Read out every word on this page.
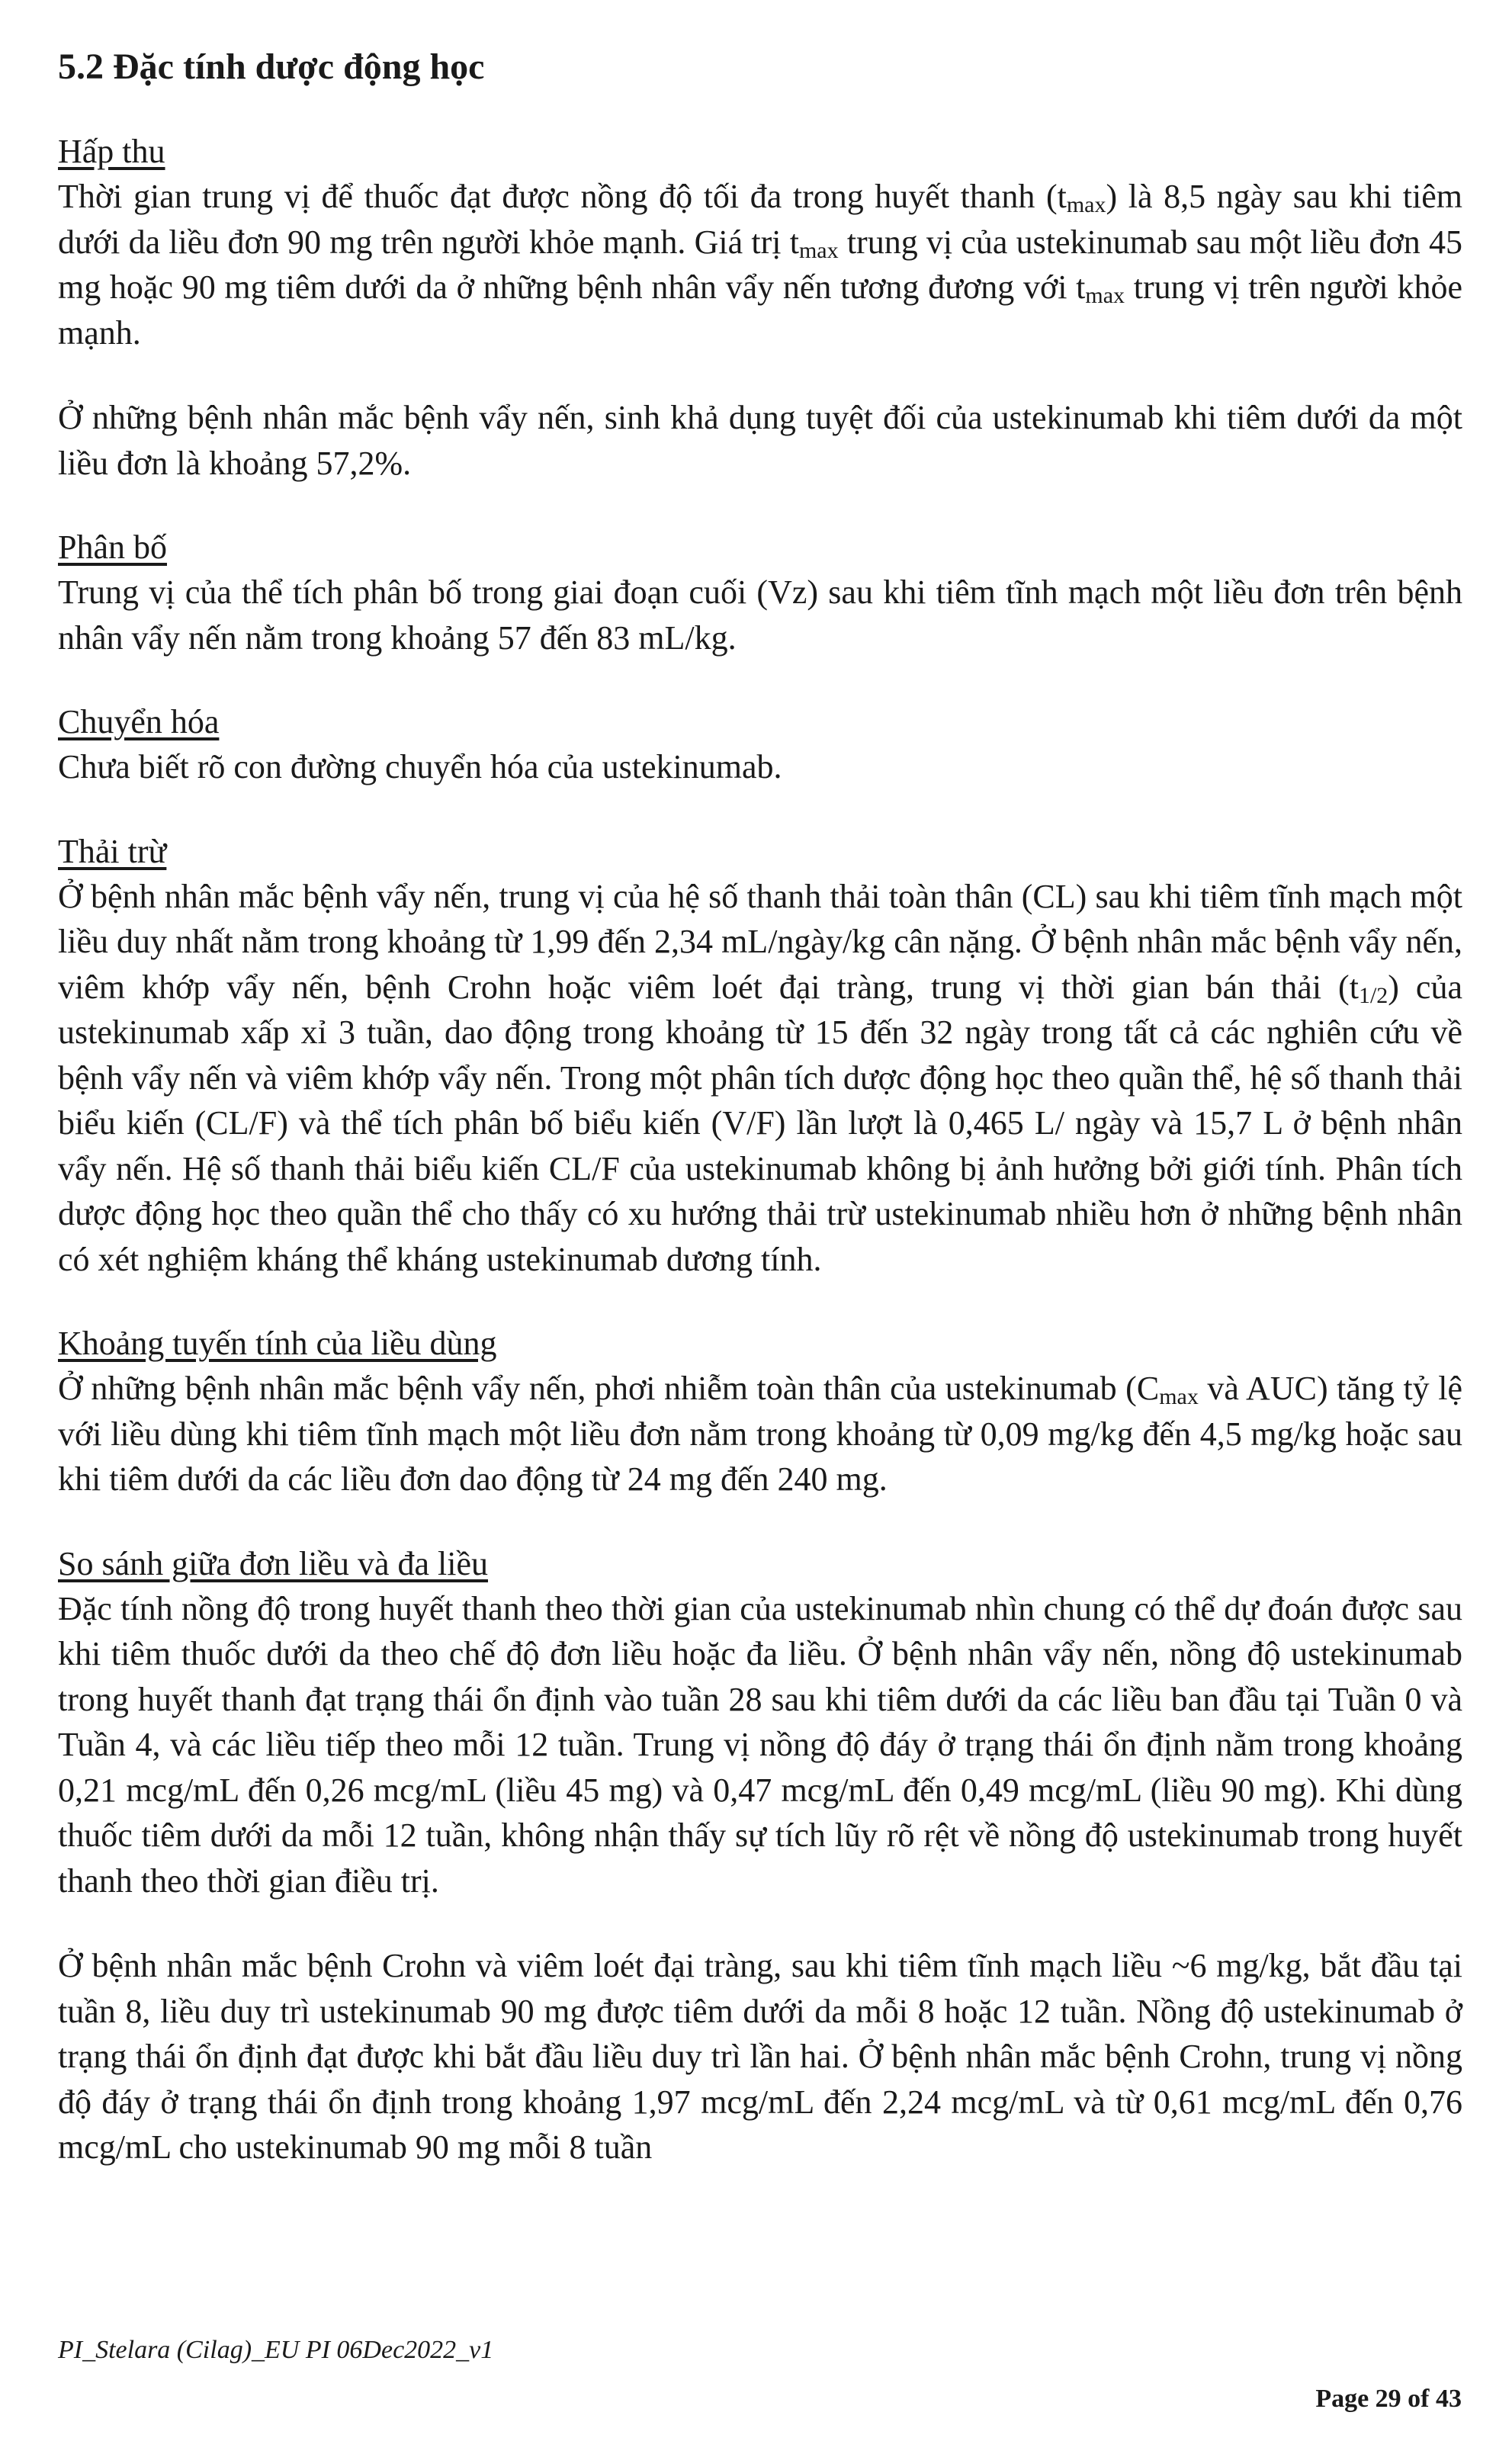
5.2 Đặc tính dược động học

Hấp thu

Thời gian trung vị để thuốc đạt được nồng độ tối đa trong huyết thanh $(t_{max})$ là 8,5 ngày sau khi tiêm dưới da liều đơn 90 mg trên người khỏe mạnh. Giá trị $t_{max}$ trung vị của ustekinumab sau một liều đơn 45 mg hoặc 90 mg tiêm dưới da ở những bệnh nhân vẩy nến tương đương với $t_{max}$ trung vị trên người khỏe mạnh.

Ở những bệnh nhân mắc bệnh vẩy nến, sinh khả dụng tuyệt đối của ustekinumab khi tiêm dưới da một liều đơn là khoảng 57,2%.

Phân bố

Trung vị của thể tích phân bố trong giai đoạn cuối (Vz) sau khi tiêm tĩnh mạch một liều đơn trên bệnh nhân vẩy nến nằm trong khoảng 57 đến 83 mL/kg.

Chuyển hóa

Chưa biết rõ con đường chuyển hóa của ustekinumab.

Thải trừ

Ở bệnh nhân mắc bệnh vẩy nến, trung vị của hệ số thanh thải toàn thân (CL) sau khi tiêm tĩnh mạch một liều duy nhất nằm trong khoảng từ 1,99 đến 2,34 mL/ngày/kg cân nặng. Ở bệnh nhân mắc bệnh vẩy nến, viêm khớp vẩy nến, bệnh Crohn hoặc viêm loét đại tràng, trung vị thời gian bán thải $(t_{1/2})$ của ustekinumab xấp xỉ 3 tuần, dao động trong khoảng từ 15 đến 32 ngày trong tất cả các nghiên cứu về bệnh vẩy nến và viêm khớp vẩy nến. Trong một phân tích dược động học theo quần thể, hệ số thanh thải biểu kiến (CL/F) và thể tích phân bố biểu kiến (V/F) lần lượt là 0,465 L/ ngày và 15,7 L ở bệnh nhân vẩy nến. Hệ số thanh thải biểu kiến CL/F của ustekinumab không bị ảnh hưởng bởi giới tính. Phân tích dược động học theo quần thể cho thấy có xu hướng thải trừ ustekinumab nhiều hơn ở những bệnh nhân có xét nghiệm kháng thể kháng ustekinumab dương tính.

Khoảng tuyến tính của liều dùng

Ở những bệnh nhân mắc bệnh vẩy nến, phơi nhiễm toàn thân của ustekinumab ($C_{max}$ và AUC) tăng tỷ lệ với liều dùng khi tiêm tĩnh mạch một liều đơn nằm trong khoảng từ 0,09 mg/kg đến 4,5 mg/kg hoặc sau khi tiêm dưới da các liều đơn dao động từ 24 mg đến 240 mg.

So sánh giữa đơn liều và đa liều

Đặc tính nồng độ trong huyết thanh theo thời gian của ustekinumab nhìn chung có thể dự đoán được sau khi tiêm thuốc dưới da theo chế độ đơn liều hoặc đa liều. Ở bệnh nhân vẩy nến, nồng độ ustekinumab trong huyết thanh đạt trạng thái ổn định vào tuần 28 sau khi tiêm dưới da các liều ban đầu tại Tuần 0 và Tuần 4, và các liều tiếp theo mỗi 12 tuần. Trung vị nồng độ đáy ở trạng thái ổn định nằm trong khoảng 0,21 mcg/mL đến 0,26 mcg/mL (liều 45 mg) và 0,47 mcg/mL đến 0,49 mcg/mL (liều 90 mg). Khi dùng thuốc tiêm dưới da mỗi 12 tuần, không nhận thấy sự tích lũy rõ rệt về nồng độ ustekinumab trong huyết thanh theo thời gian điều trị.

Ở bệnh nhân mắc bệnh Crohn và viêm loét đại tràng, sau khi tiêm tĩnh mạch liều ~6 mg/kg, bắt đầu tại tuần 8, liều duy trì ustekinumab 90 mg được tiêm dưới da mỗi 8 hoặc 12 tuần. Nồng độ ustekinumab ở trạng thái ổn định đạt được khi bắt đầu liều duy trì lần hai. Ở bệnh nhân mắc bệnh Crohn, trung vị nồng độ đáy ở trạng thái ổn định trong khoảng 1,97 mcg/mL đến 2,24 mcg/mL và từ 0,61 mcg/mL đến 0,76 mcg/mL cho ustekinumab 90 mg mỗi 8 tuần

PI_Stelara (Cilag)_EU PI 06Dec2022_v1
Page 29 of 43
